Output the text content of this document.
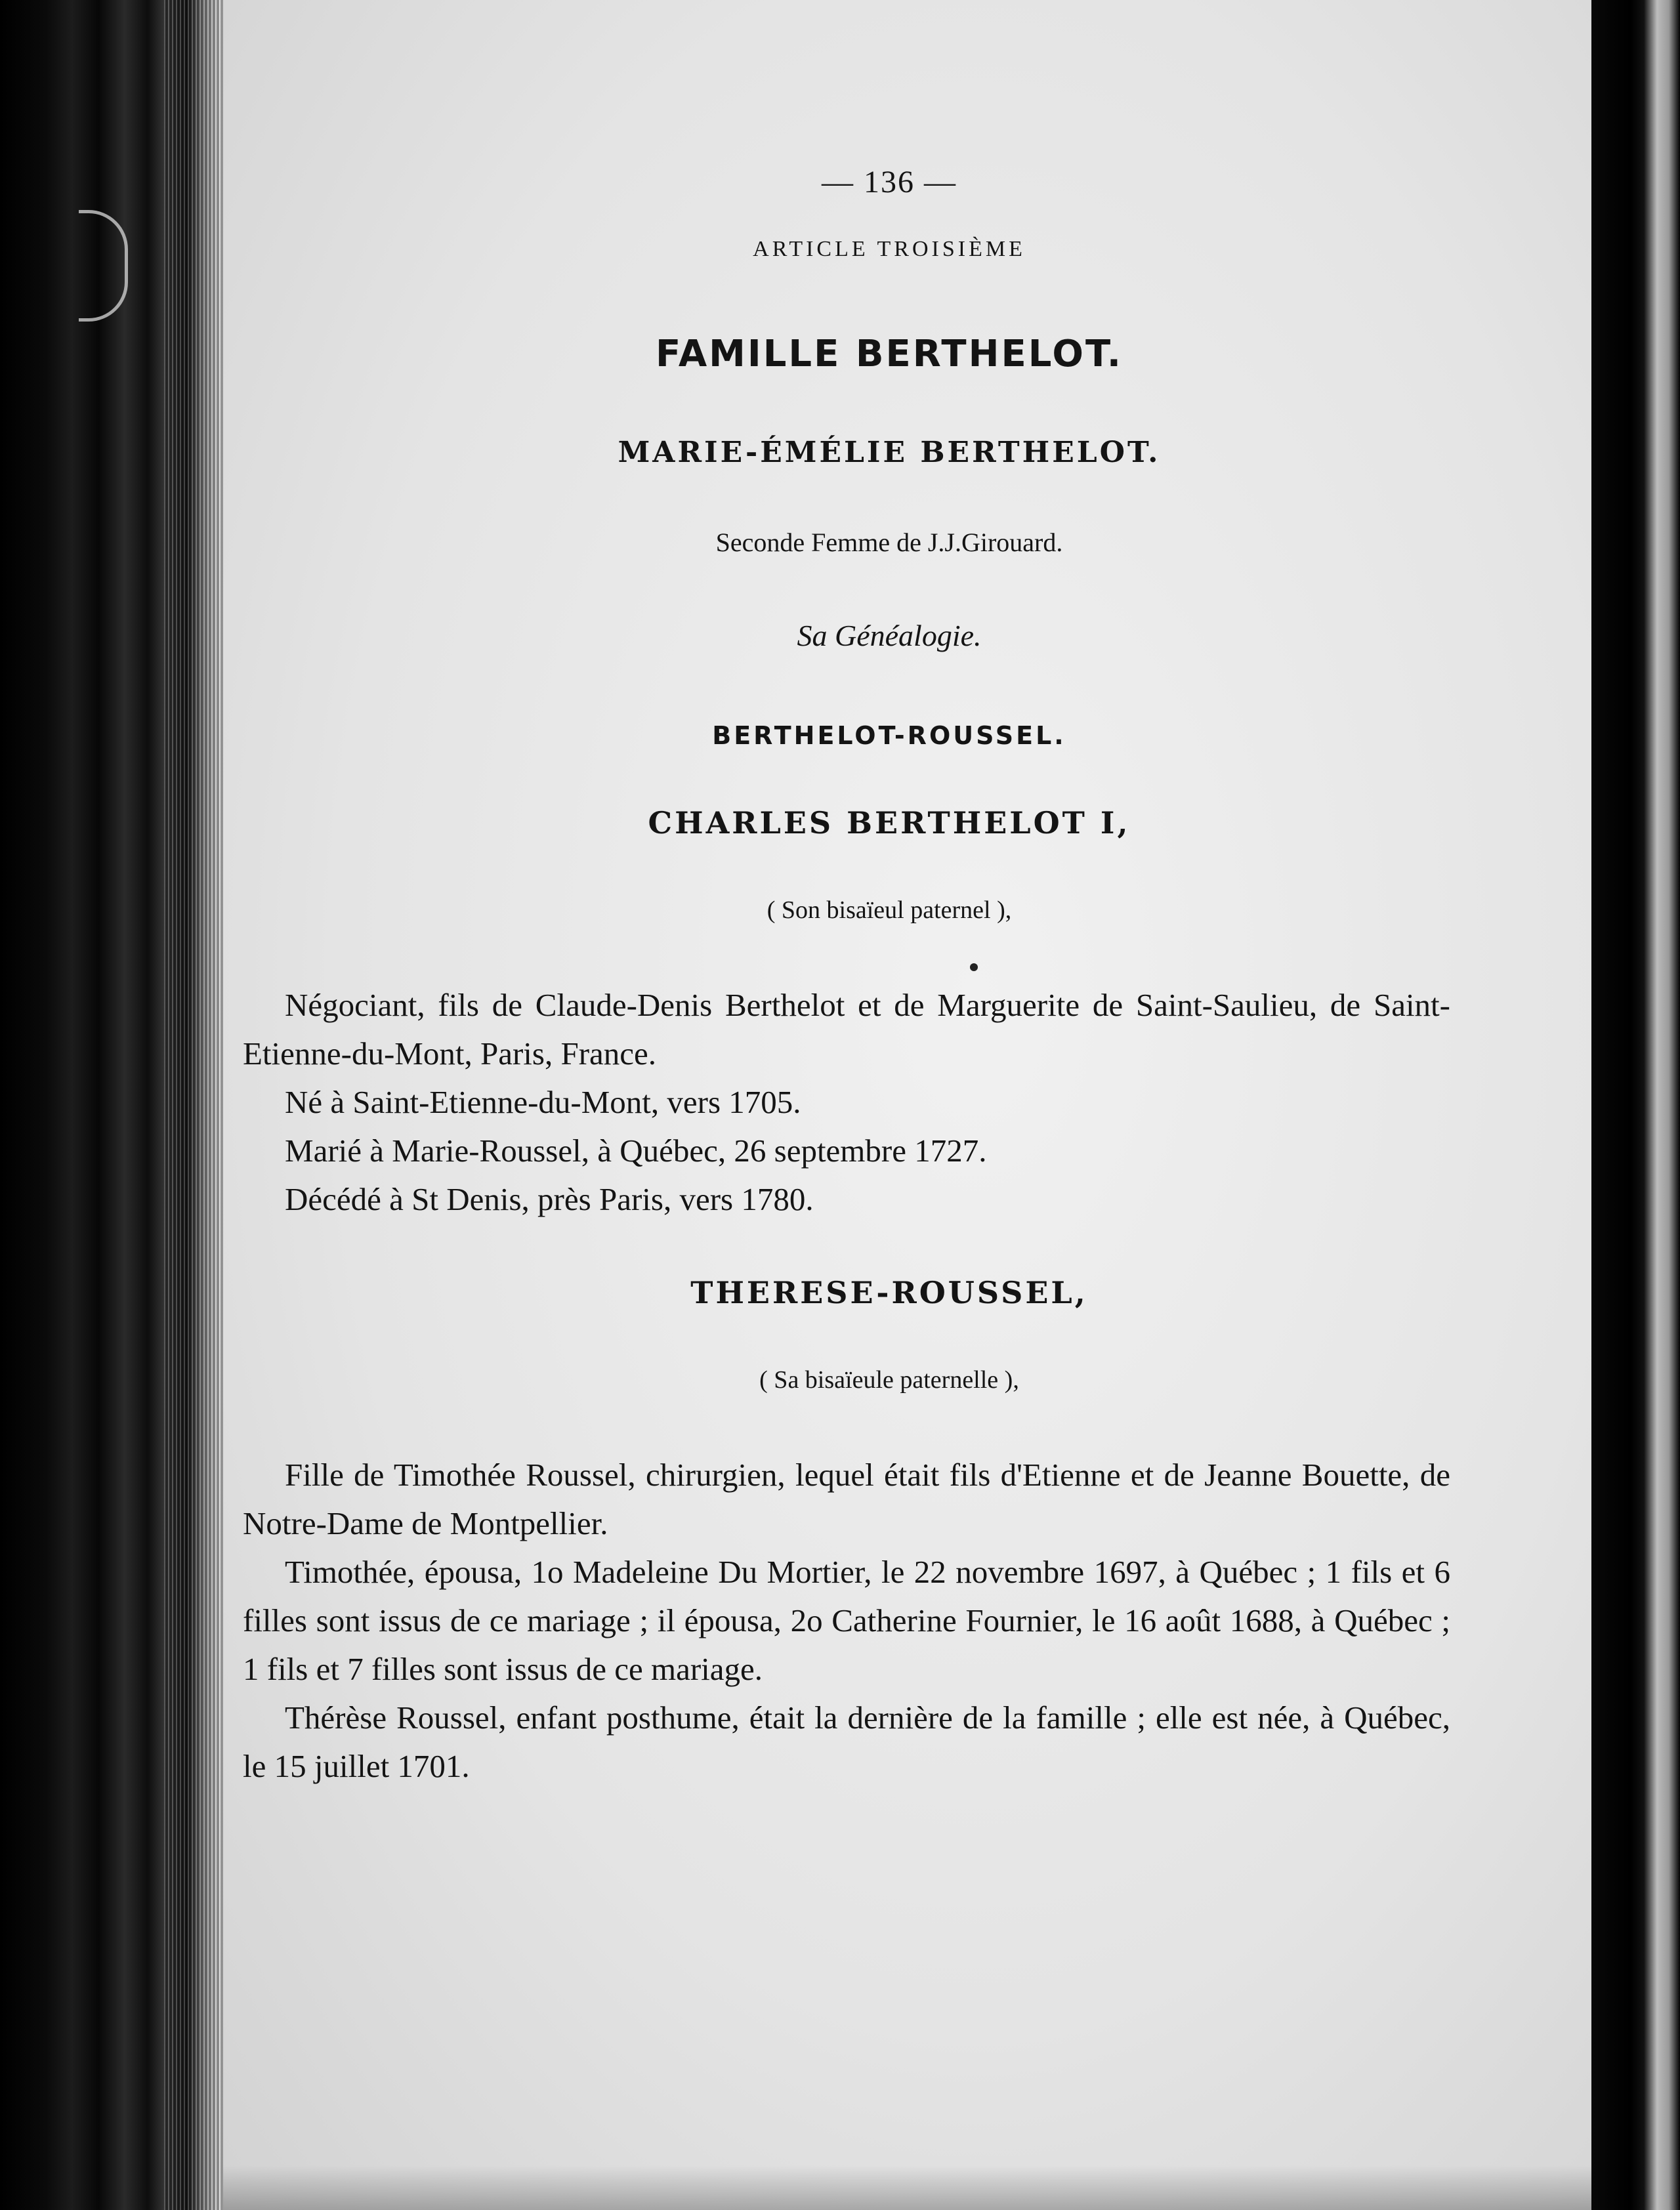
— 136 —
ARTICLE TROISIÈME
FAMILLE BERTHELOT.
MARIE-ÉMÉLIE BERTHELOT.
Seconde Femme de J.J.Girouard.
Sa Généalogie.
BERTHELOT-ROUSSEL.
CHARLES BERTHELOT I,
( Son bisaïeul paternel ),

Négociant, fils de Claude-Denis Berthelot et de Marguerite de Saint-Saulieu, de Saint-Etienne-du-Mont, Paris, France.

Né à Saint-Etienne-du-Mont, vers 1705.

Marié à Marie-Roussel, à Québec, 26 septembre 1727.

Décédé à St Denis, près Paris, vers 1780.

THERESE-ROUSSEL,
( Sa bisaïeule paternelle ),

Fille de Timothée Roussel, chirurgien, lequel était fils d'Etienne et de Jeanne Bouette, de Notre-Dame de Montpellier.

Timothée, épousa, 1o Madeleine Du Mortier, le 22 novembre 1697, à Québec ; 1 fils et 6 filles sont issus de ce mariage ; il épousa, 2o Catherine Fournier, le 16 août 1688, à Québec ; 1 fils et 7 filles sont issus de ce mariage.

Thérèse Roussel, enfant posthume, était la dernière de la famille ; elle est née, à Québec, le 15 juillet 1701.
